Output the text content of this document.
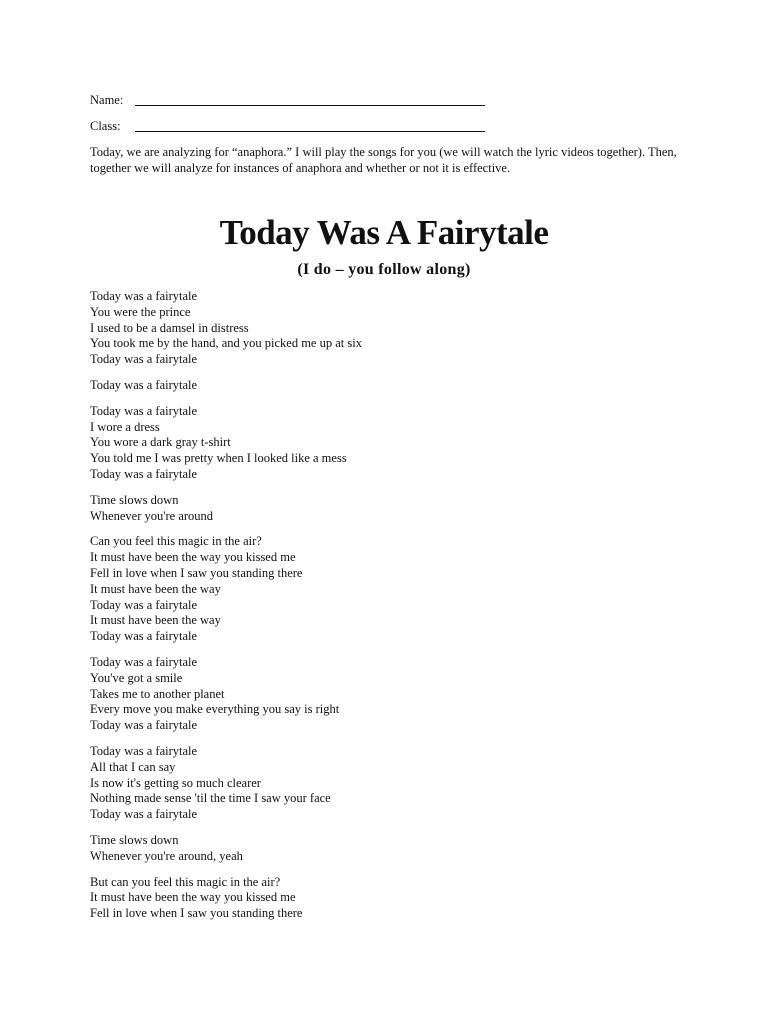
Name:
Class:
Today, we are analyzing for “anaphora.” I will play the songs for you (we will watch the lyric videos together). Then, together we will analyze for instances of anaphora and whether or not it is effective.
Today Was A Fairytale
(I do – you follow along)
Today was a fairytale
You were the prince
I used to be a damsel in distress
You took me by the hand, and you picked me up at six
Today was a fairytale
Today was a fairytale
Today was a fairytale
I wore a dress
You wore a dark gray t-shirt
You told me I was pretty when I looked like a mess
Today was a fairytale
Time slows down
Whenever you're around
Can you feel this magic in the air?
It must have been the way you kissed me
Fell in love when I saw you standing there
It must have been the way
Today was a fairytale
It must have been the way
Today was a fairytale
Today was a fairytale
You've got a smile
Takes me to another planet
Every move you make everything you say is right
Today was a fairytale
Today was a fairytale
All that I can say
Is now it's getting so much clearer
Nothing made sense 'til the time I saw your face
Today was a fairytale
Time slows down
Whenever you're around, yeah
But can you feel this magic in the air?
It must have been the way you kissed me
Fell in love when I saw you standing there
